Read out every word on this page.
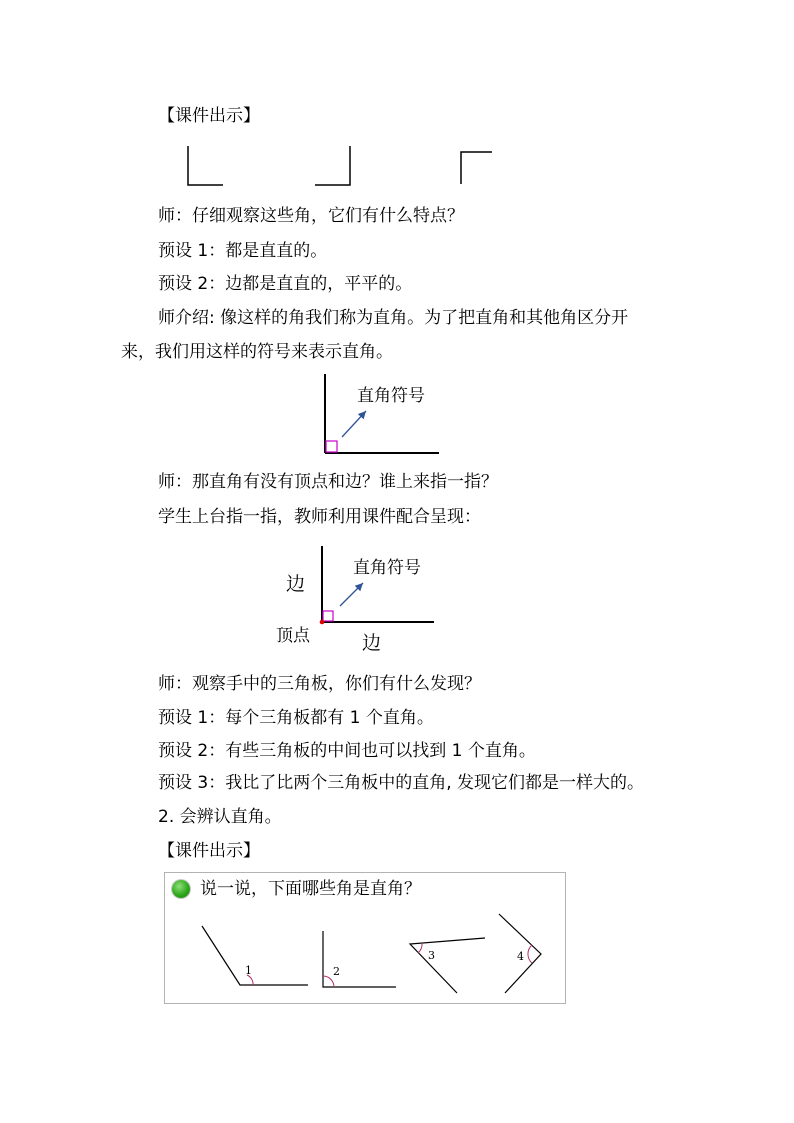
【课件出示】
师：仔细观察这些角，它们有什么特点？
预设 1：都是直直的。
预设 2：边都是直直的，平平的。
师介绍: 像这样的角我们称为直角。为了把直角和其他角区分开
来，我们用这样的符号来表示直角。
直角符号
师：那直角有没有顶点和边？谁上来指一指？
学生上台指一指，教师利用课件配合呈现：
直角符号
边
顶点	边
师：观察手中的三角板，你们有什么发现？
预设 1：每个三角板都有 1 个直角。
预设 2：有些三角板的中间也可以找到 1 个直角。
预设 3：我比了比两个三角板中的直角, 发现它们都是一样大的。
2. 会辨认直角。
【课件出示】
说一说，下面哪些角是直角？
1	2
3	4
